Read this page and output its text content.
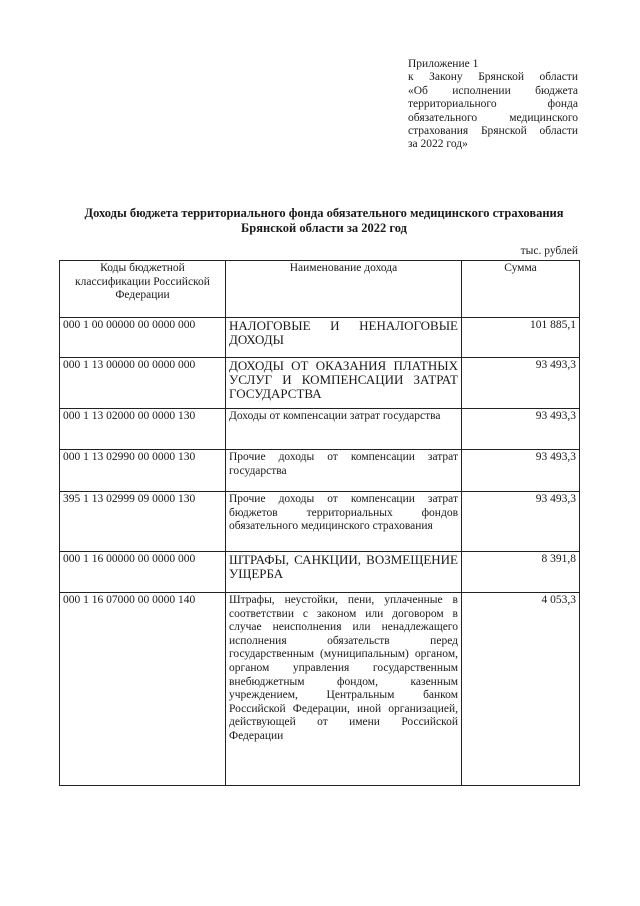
Приложение 1
к Закону Брянской области
«Об исполнении бюджета
территориального фонда
обязательного медицинского
страхования Брянской области
за 2022 год»
Доходы бюджета территориального фонда обязательного медицинского страхования
Брянской области за 2022 год
тыс. рублей
Коды бюджетной классификации Российской Федерации	Наименование дохода	Сумма
000 1 00 00000 00 0000 000	НАЛОГОВЫЕ И НЕНАЛОГОВЫЕ ДОХОДЫ	101 885,1
000 1 13 00000 00 0000 000	ДОХОДЫ ОТ ОКАЗАНИЯ ПЛАТНЫХ УСЛУГ И КОМПЕНСАЦИИ ЗАТРАТ ГОСУДАРСТВА	93 493,3
000 1 13 02000 00 0000 130	Доходы от компенсации затрат государства	93 493,3
000 1 13 02990 00 0000 130	Прочие доходы от компенсации затрат государства	93 493,3
395 1 13 02999 09 0000 130	Прочие доходы от компенсации затрат бюджетов территориальных фондов обязательного медицинского страхования	93 493,3
000 1 16 00000 00 0000 000	ШТРАФЫ, САНКЦИИ, ВОЗМЕЩЕНИЕ УЩЕРБА	8 391,8
000 1 16 07000 00 0000 140	Штрафы, неустойки, пени, уплаченные в соответствии с законом или договором в случае неисполнения или ненадлежащего исполнения обязательств перед государственным (муниципальным) органом, органом управления государственным внебюджетным фондом, казенным учреждением, Центральным банком Российской Федерации, иной организацией, действующей от имени Российской Федерации	4 053,3
